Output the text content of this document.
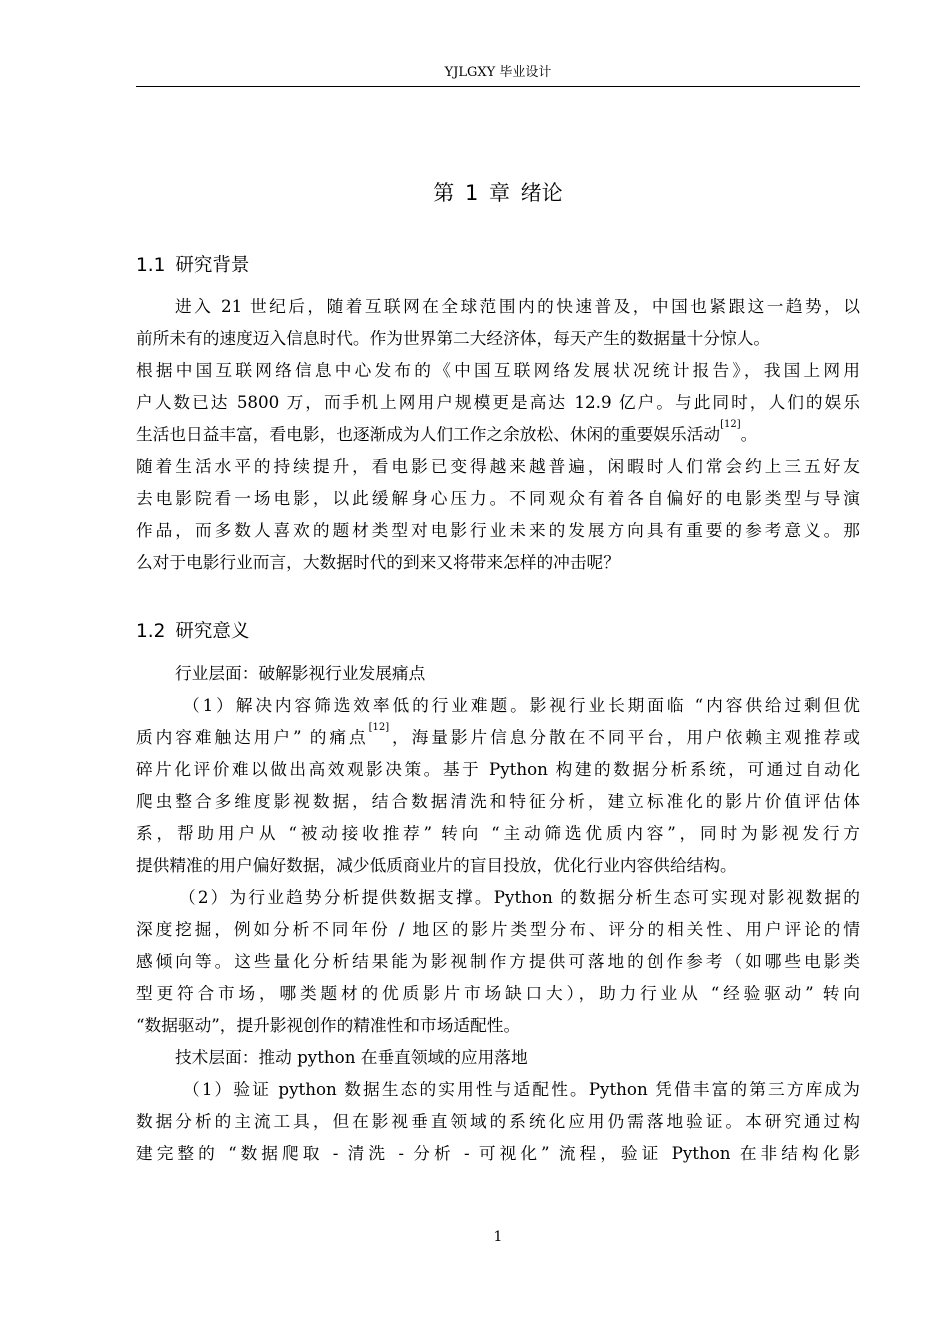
YJLGXY 毕业设计
第 1 章 绪论
1.1 研究背景
进入 21 世纪后，随着互联网在全球范围内的快速普及，中国也紧跟这一趋势，以
前所未有的速度迈入信息时代。作为世界第二大经济体，每天产生的数据量十分惊人。
根据中国互联网络信息中心发布的《中国互联网络发展状况统计报告》，我国上网用
户人数已达 5800 万，而手机上网用户规模更是高达 12.9 亿户。与此同时，人们的娱乐
生活也日益丰富，看电影，也逐渐成为人们工作之余放松、休闲的重要娱乐活动[12]。
随着生活水平的持续提升，看电影已变得越来越普遍，闲暇时人们常会约上三五好友
去电影院看一场电影，以此缓解身心压力。不同观众有着各自偏好的电影类型与导演
作品，而多数人喜欢的题材类型对电影行业未来的发展方向具有重要的参考意义。那
么对于电影行业而言，大数据时代的到来又将带来怎样的冲击呢？
1.2 研究意义
行业层面：破解影视行业发展痛点
（1）解决内容筛选效率低的行业难题。影视行业长期面临 “内容供给过剩但优
质内容难触达用户” 的痛点[12]，海量影片信息分散在不同平台，用户依赖主观推荐或
碎片化评价难以做出高效观影决策。基于 Python 构建的数据分析系统，可通过自动化
爬虫整合多维度影视数据，结合数据清洗和特征分析，建立标准化的影片价值评估体
系，帮助用户从 “被动接收推荐” 转向 “主动筛选优质内容”，同时为影视发行方
提供精准的用户偏好数据，减少低质商业片的盲目投放，优化行业内容供给结构。
（2）为行业趋势分析提供数据支撑。Python 的数据分析生态可实现对影视数据的
深度挖掘，例如分析不同年份 / 地区的影片类型分布、评分的相关性、用户评论的情
感倾向等。这些量化分析结果能为影视制作方提供可落地的创作参考（如哪些电影类
型更符合市场，哪类题材的优质影片市场缺口大），助力行业从 “经验驱动” 转向
“数据驱动”，提升影视创作的精准性和市场适配性。
技术层面：推动 python 在垂直领域的应用落地
（1）验证 python 数据生态的实用性与适配性。Python 凭借丰富的第三方库成为
数据分析的主流工具，但在影视垂直领域的系统化应用仍需落地验证。本研究通过构
建完整的 “数据爬取 - 清洗 - 分析 - 可视化” 流程，验证 Python 在非结构化影
1
